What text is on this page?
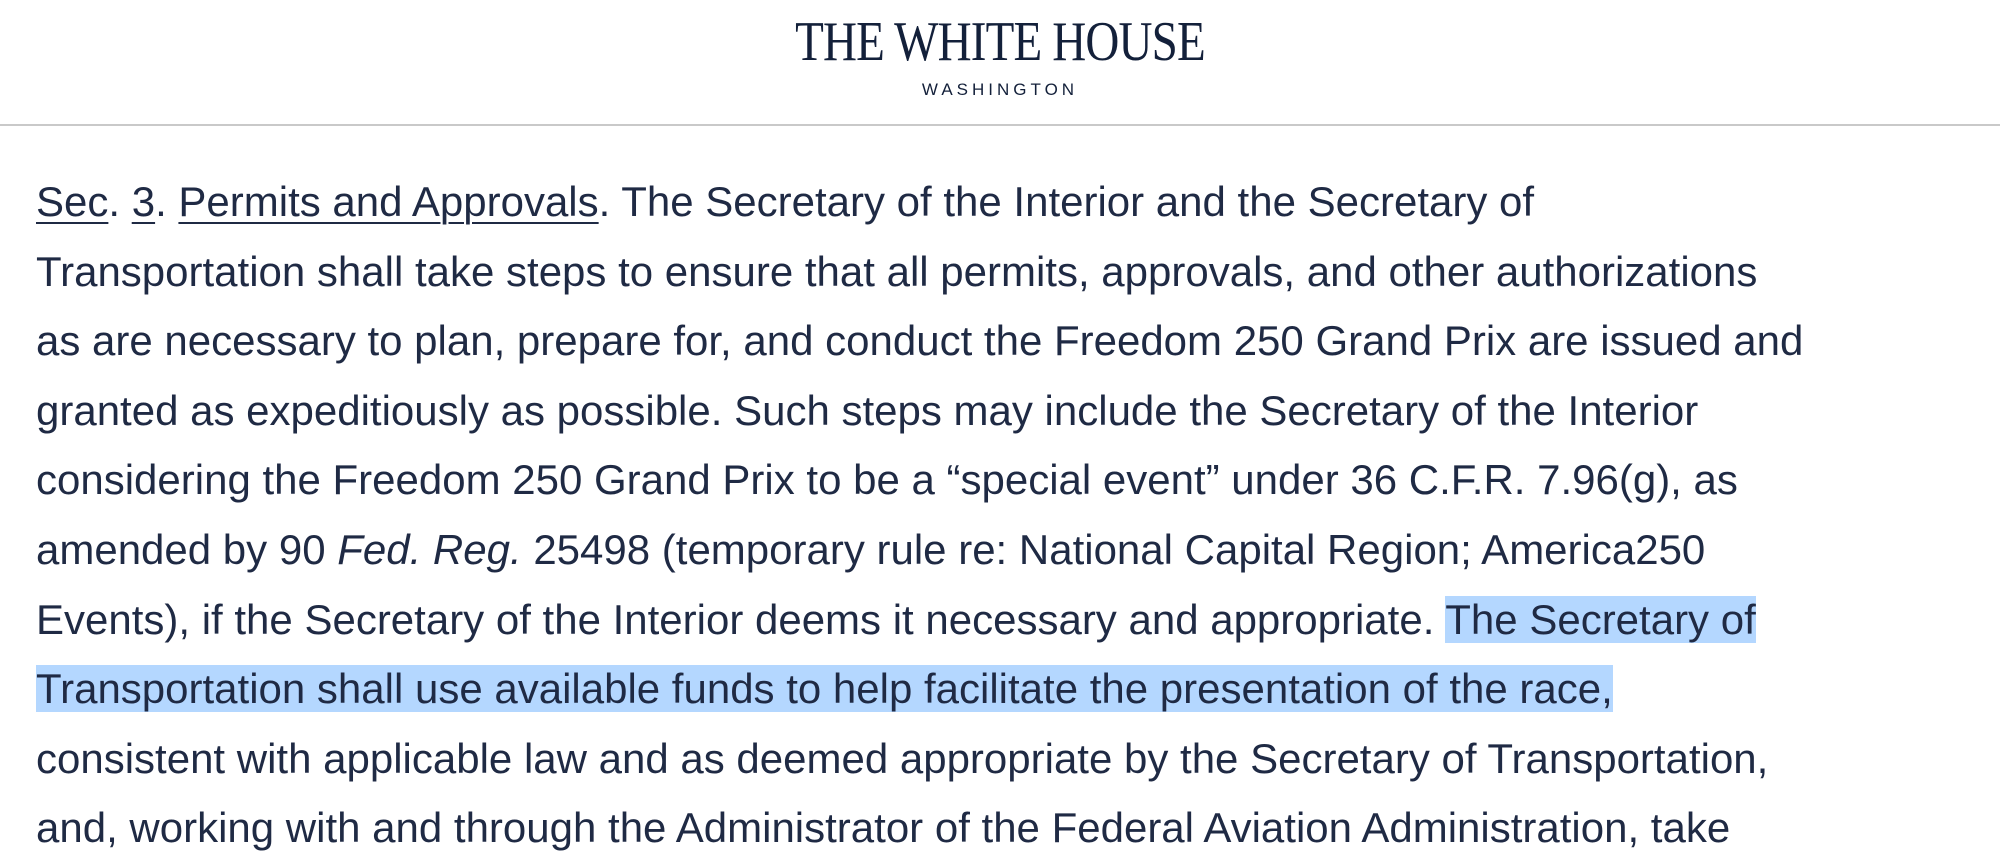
THE WHITE HOUSE
WASHINGTON
Sec. 3. Permits and Approvals. The Secretary of the Interior and the Secretary of
Transportation shall take steps to ensure that all permits, approvals, and other authorizations
as are necessary to plan, prepare for, and conduct the Freedom 250 Grand Prix are issued and
granted as expeditiously as possible. Such steps may include the Secretary of the Interior
considering the Freedom 250 Grand Prix to be a “special event” under 36 C.F.R. 7.96(g), as
amended by 90 Fed. Reg. 25498 (temporary rule re: National Capital Region; America250
Events), if the Secretary of the Interior deems it necessary and appropriate. The Secretary of
Transportation shall use available funds to help facilitate the presentation of the race,
consistent with applicable law and as deemed appropriate by the Secretary of Transportation,
and, working with and through the Administrator of the Federal Aviation Administration, take
